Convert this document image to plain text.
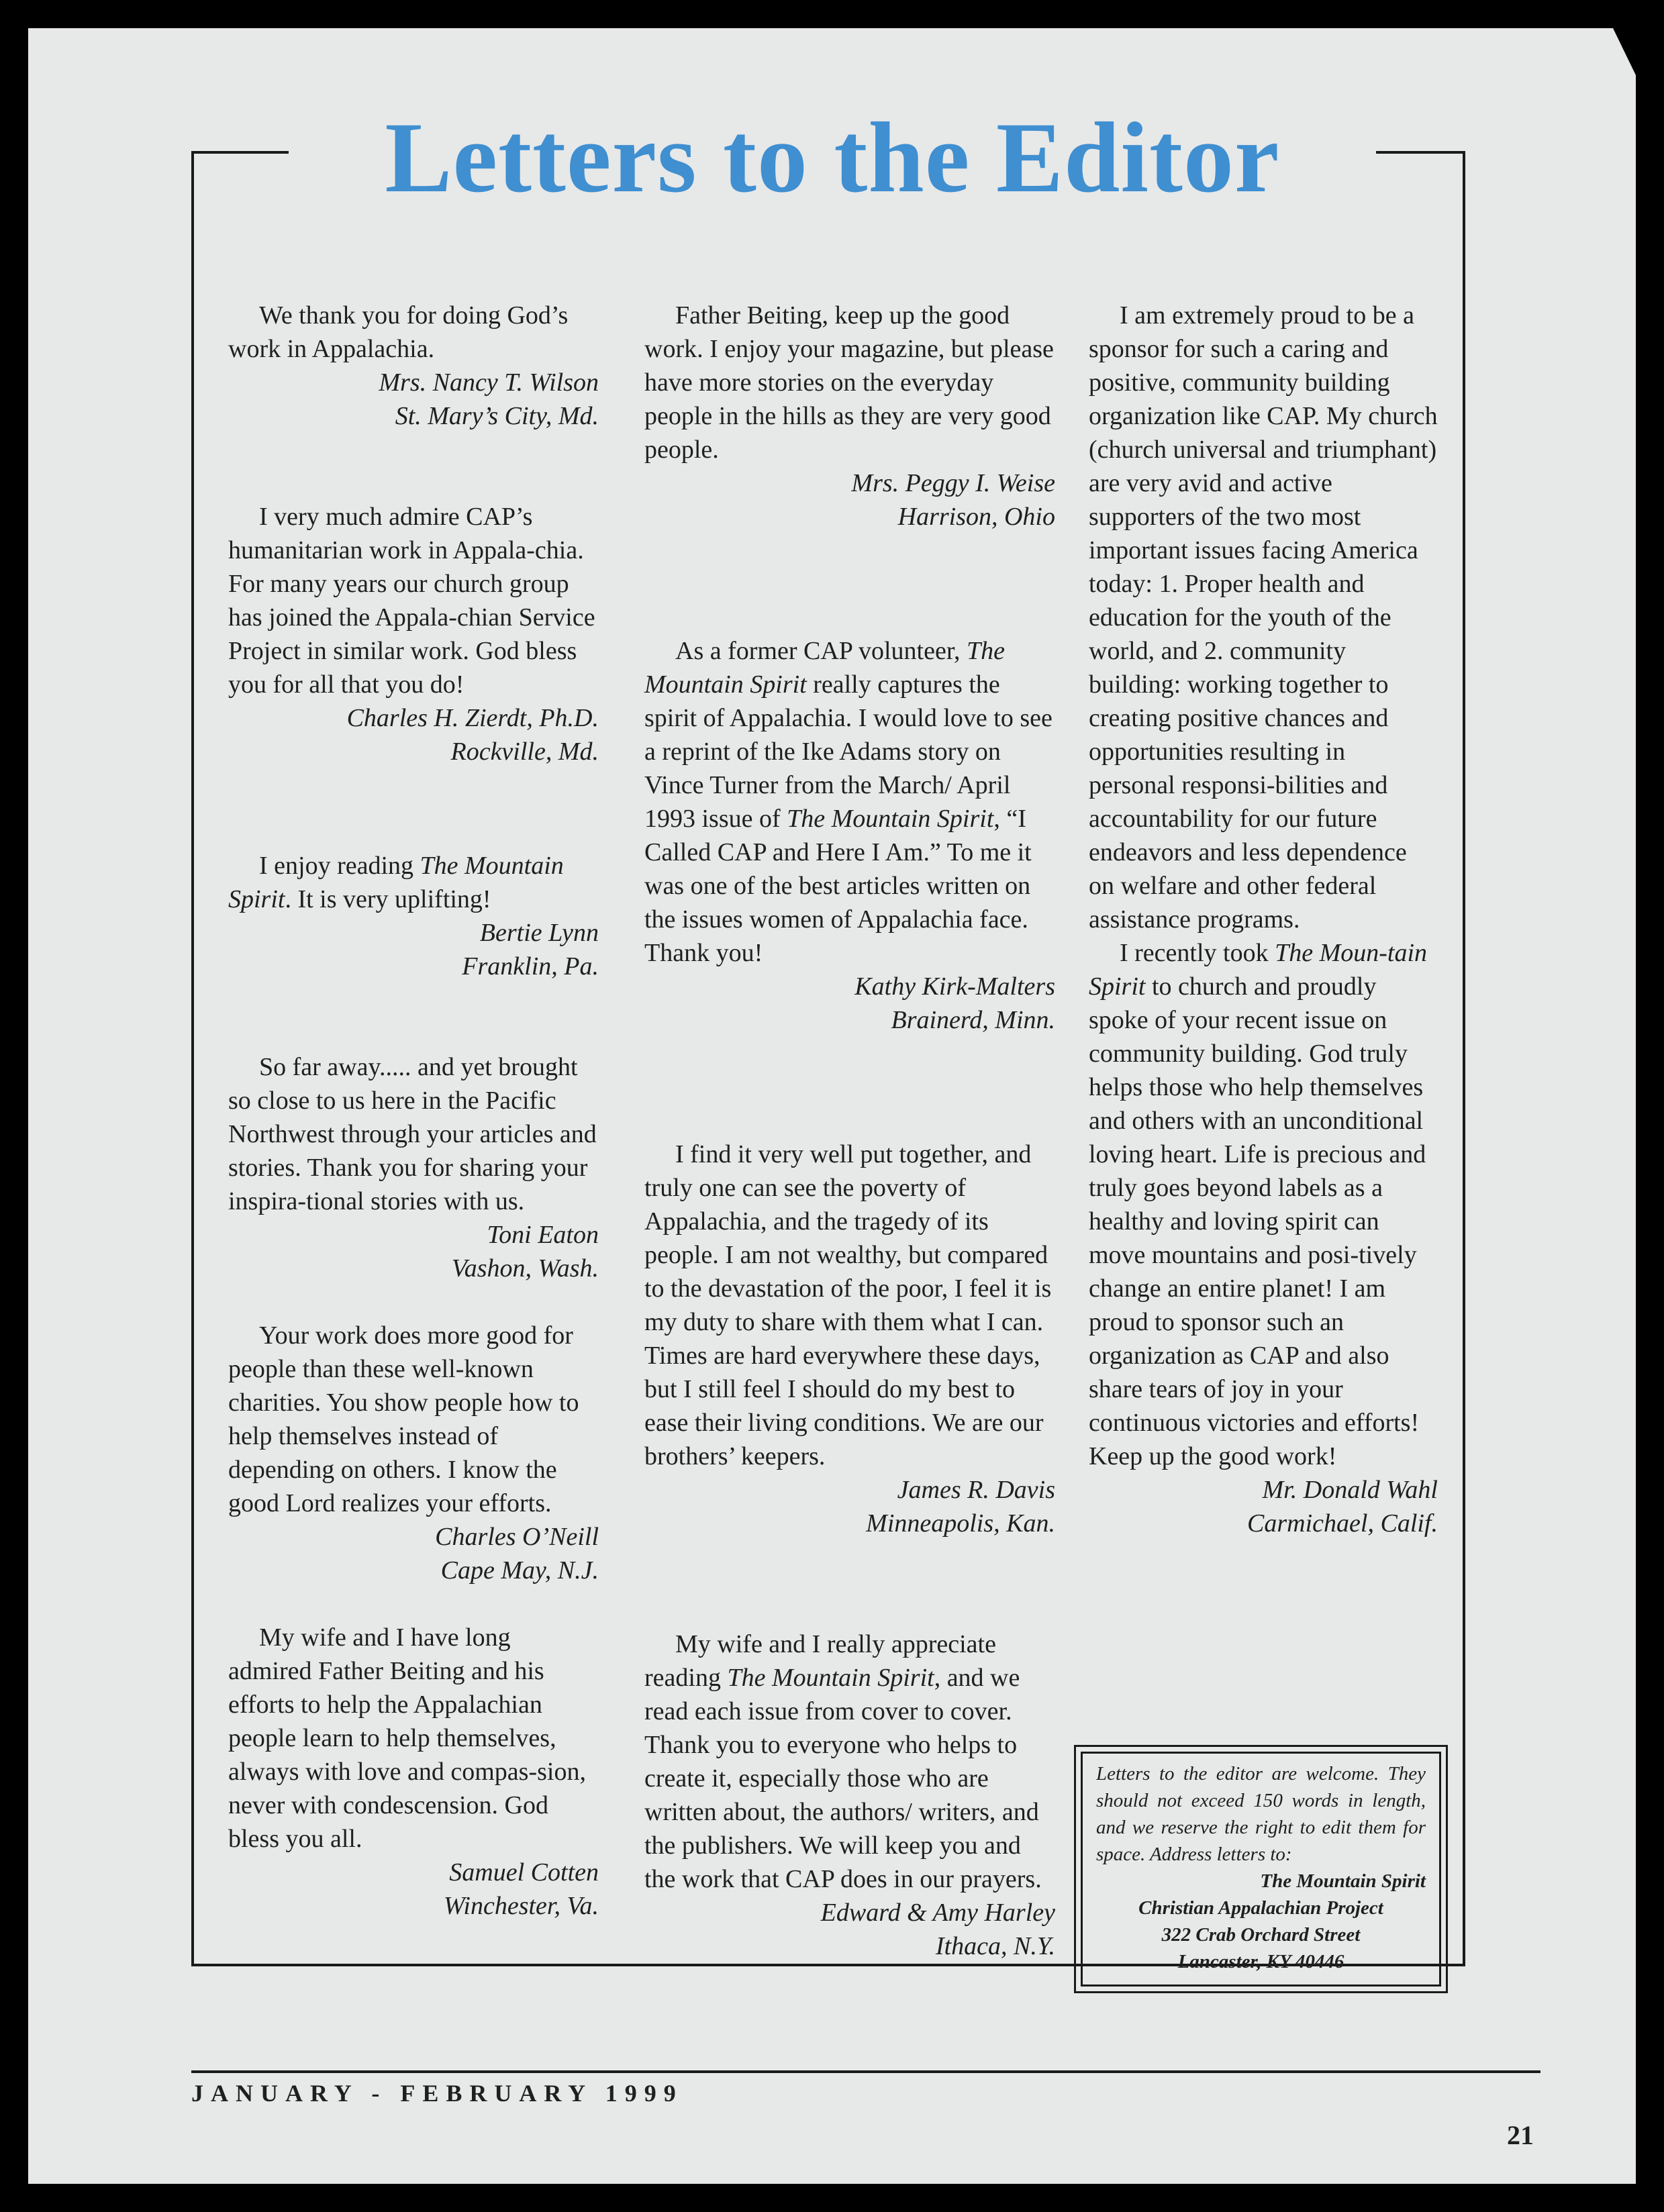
Letters to the Editor

We thank you for doing God’s work in Appalachia.

Mrs. Nancy T. Wilson

St. Mary’s City, Md.

I very much admire CAP’s humanitarian work in Appala-chia. For many years our church group has joined the Appala-chian Service Project in similar work. God bless you for all that you do!

Charles H. Zierdt, Ph.D.

Rockville, Md.

I enjoy reading The Mountain Spirit. It is very uplifting!

Bertie Lynn

Franklin, Pa.

So far away..... and yet brought so close to us here in the Pacific Northwest through your articles and stories. Thank you for sharing your inspira-tional stories with us.

Toni Eaton

Vashon, Wash.

Your work does more good for people than these well-known charities. You show people how to help themselves instead of depending on others. I know the good Lord realizes your efforts.

Charles O’Neill

Cape May, N.J.

My wife and I have long admired Father Beiting and his efforts to help the Appalachian people learn to help themselves, always with love and compas-sion, never with condescension. God bless you all.

Samuel Cotten

Winchester, Va.

Father Beiting, keep up the good work. I enjoy your magazine, but please have more stories on the everyday people in the hills as they are very good people.

Mrs. Peggy I. Weise

Harrison, Ohio

As a former CAP volunteer, The Mountain Spirit really captures the spirit of Appalachia. I would love to see a reprint of the Ike Adams story on Vince Turner from the March/ April 1993 issue of The Mountain Spirit, “I Called CAP and Here I Am.” To me it was one of the best articles written on the issues women of Appalachia face. Thank you!

Kathy Kirk-Malters

Brainerd, Minn.

I find it very well put together, and truly one can see the poverty of Appalachia, and the tragedy of its people. I am not wealthy, but compared to the devastation of the poor, I feel it is my duty to share with them what I can. Times are hard everywhere these days, but I still feel I should do my best to ease their living conditions. We are our brothers’ keepers.

James R. Davis

Minneapolis, Kan.

My wife and I really appreciate reading The Mountain Spirit, and we read each issue from cover to cover. Thank you to everyone who helps to create it, especially those who are written about, the authors/ writers, and the publishers. We will keep you and the work that CAP does in our prayers.

Edward & Amy Harley

Ithaca, N.Y.

I am extremely proud to be a sponsor for such a caring and positive, community building organization like CAP. My church (church universal and triumphant) are very avid and active supporters of the two most important issues facing America today: 1. Proper health and education for the youth of the world, and 2. community building: working together to creating positive chances and opportunities resulting in personal responsi-bilities and accountability for our future endeavors and less dependence on welfare and other federal assistance programs.

I recently took The Moun-tain Spirit to church and proudly spoke of your recent issue on community building. God truly helps those who help themselves and others with an unconditional loving heart. Life is precious and truly goes beyond labels as a healthy and loving spirit can move mountains and posi-tively change an entire planet! I am proud to sponsor such an organization as CAP and also share tears of joy in your continuous victories and efforts! Keep up the good work!

Mr. Donald Wahl

Carmichael, Calif.

Letters to the editor are welcome. They should not exceed 150 words in length, and we reserve the right to edit them for space. Address letters to:

The Mountain Spirit

Christian Appalachian Project

322 Crab Orchard Street

Lancaster, KY 40446

JANUARY - FEBRUARY 1999

21
